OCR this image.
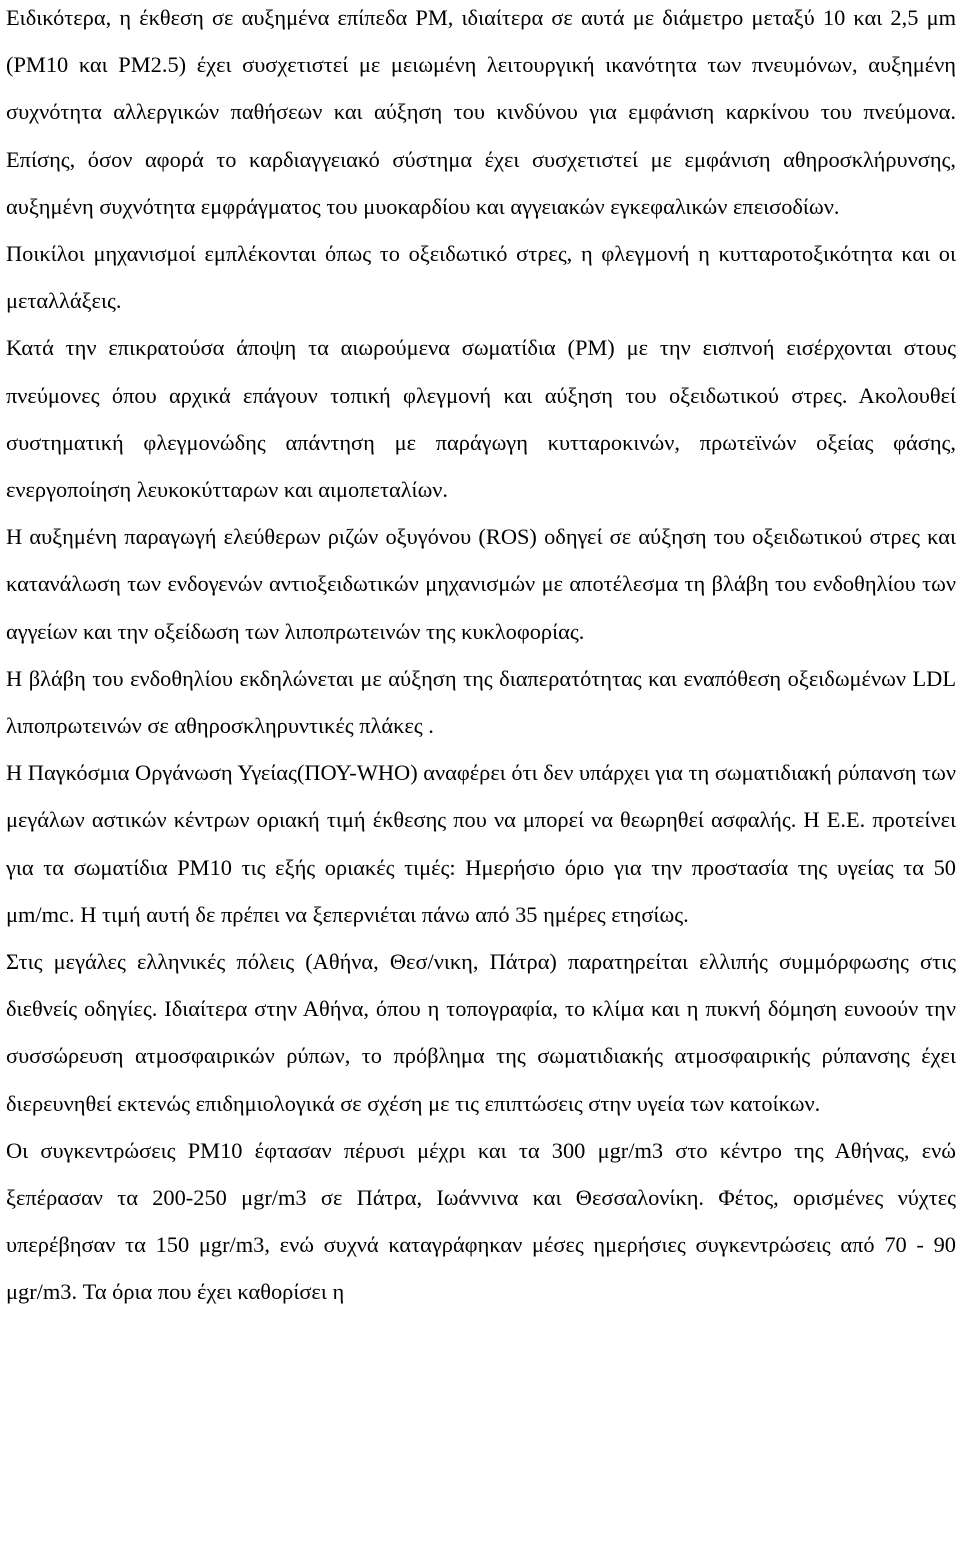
Ειδικότερα, η έκθεση σε αυξημένα επίπεδα PM, ιδιαίτερα σε αυτά με διάμετρο μεταξύ 10 και 2,5 μm (PM10 και PM2.5) έχει συσχετιστεί με μειωμένη λειτουργική ικανότητα των πνευμόνων, αυξημένη συχνότητα αλλεργικών παθήσεων και αύξηση του κινδύνου για εμφάνιση καρκίνου του πνεύμονα. Επίσης, όσον αφορά το καρδιαγγειακό σύστημα έχει συσχετιστεί με εμφάνιση αθηροσκλήρυνσης, αυξημένη συχνότητα εμφράγματος του μυοκαρδίου και αγγειακών εγκεφαλικών επεισοδίων.

Ποικίλοι μηχανισμοί εμπλέκονται όπως το οξειδωτικό στρες, η φλεγμονή η κυτταροτοξικότητα και οι μεταλλάξεις.

Κατά την επικρατούσα άποψη τα αιωρούμενα σωματίδια (PM) με την εισπνοή εισέρχονται στους πνεύμονες όπου αρχικά επάγουν τοπική φλεγμονή και αύξηση του οξειδωτικού στρες. Ακολουθεί συστηματική φλεγμονώδης απάντηση με παράγωγη κυτταροκινών, πρωτεϊνών οξείας φάσης, ενεργοποίηση λευκοκύτταρων και αιμοπεταλίων.

Η αυξημένη παραγωγή ελεύθερων ριζών οξυγόνου (ROS) οδηγεί σε αύξηση του οξειδωτικού στρες και κατανάλωση των ενδογενών αντιοξειδωτικών μηχανισμών με αποτέλεσμα τη βλάβη του ενδοθηλίου των αγγείων και την οξείδωση των λιποπρωτεινών της κυκλοφορίας.

Η βλάβη του ενδοθηλίου εκδηλώνεται με αύξηση της διαπερατότητας και εναπόθεση οξειδωμένων LDL λιποπρωτεινών σε αθηροσκληρυντικές πλάκες .

Η Παγκόσμια Οργάνωση Υγείας(ΠΟΥ-WHO) αναφέρει ότι δεν υπάρχει για τη σωματιδιακή ρύπανση των μεγάλων αστικών κέντρων οριακή τιμή έκθεσης που να μπορεί να θεωρηθεί ασφαλής. Η Ε.Ε. προτείνει για τα σωματίδια PM10 τις εξής οριακές τιμές: Ημερήσιο όριο για την προστασία της υγείας τα 50 μm/mc. Η τιμή αυτή δε πρέπει να ξεπερνιέται πάνω από 35 ημέρες ετησίως.

Στις μεγάλες ελληνικές πόλεις (Αθήνα, Θεσ/νικη, Πάτρα) παρατηρείται ελλιπής συμμόρφωσης στις διεθνείς οδηγίες. Ιδιαίτερα στην Αθήνα, όπου η τοπογραφία, το κλίμα και η πυκνή δόμηση ευνοούν την συσσώρευση ατμοσφαιρικών ρύπων, το πρόβλημα της σωματιδιακής ατμοσφαιρικής ρύπανσης έχει διερευνηθεί εκτενώς επιδημιολογικά σε σχέση με τις επιπτώσεις στην υγεία των κατοίκων.

Οι συγκεντρώσεις PM10 έφτασαν πέρυσι μέχρι και τα 300 μgr/m3 στο κέντρο της Αθήνας, ενώ ξεπέρασαν τα 200-250 μgr/m3 σε Πάτρα, Ιωάννινα και Θεσσαλονίκη. Φέτος, ορισμένες νύχτες υπερέβησαν τα 150 μgr/m3, ενώ συχνά καταγράφηκαν μέσες ημερήσιες συγκεντρώσεις από 70 - 90 μgr/m3. Τα όρια που έχει καθορίσει η
